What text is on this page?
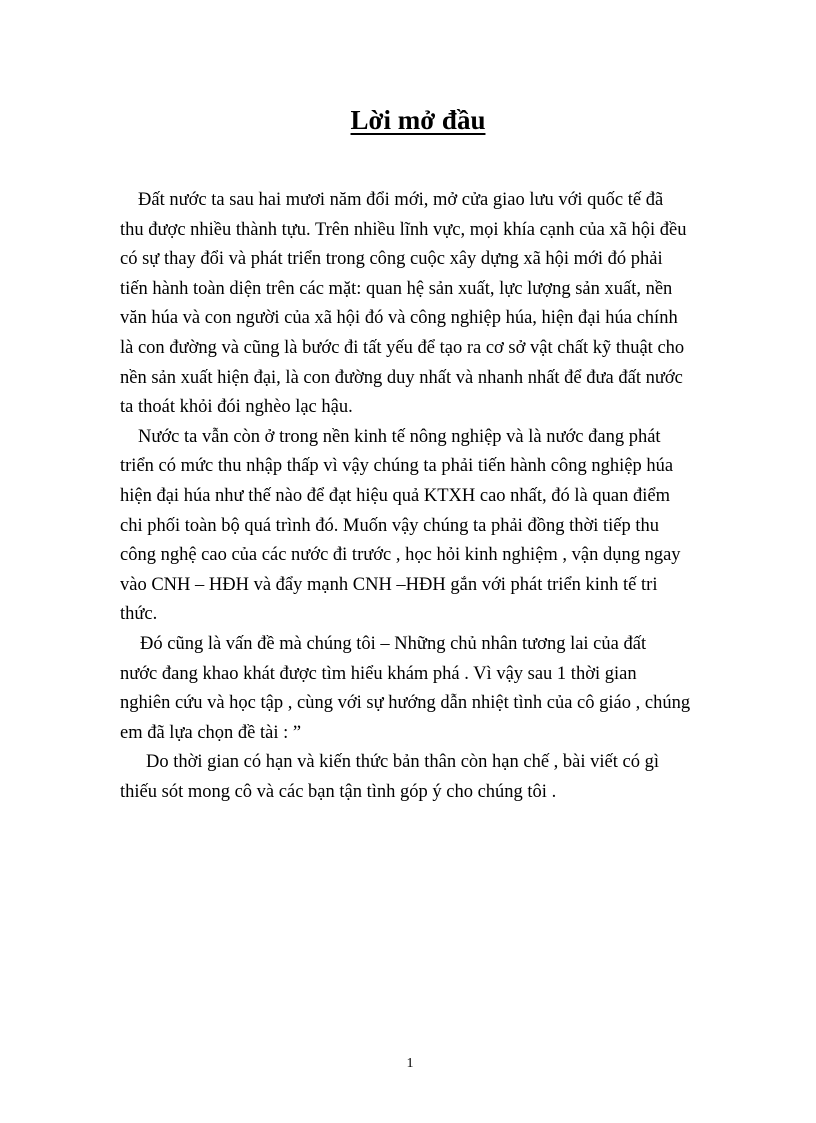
Lời mở đầu
Đất nước ta sau hai mươi năm đổi mới, mở cửa giao lưu với quốc tế đã
thu được nhiều thành tựu. Trên nhiều lĩnh vực, mọi khía cạnh của xã hội đều
có sự thay đổi và phát triển trong công cuộc xây dựng xã hội mới đó phải
tiến hành toàn diện trên các mặt: quan hệ sản xuất, lực lượng sản xuất, nền
văn húa và con người của xã hội đó và công nghiệp húa, hiện đại húa chính
là con đường và cũng là bước đi tất yếu để tạo ra cơ sở vật chất kỹ thuật cho
nền sản xuất hiện đại, là con đường duy nhất và nhanh nhất để đưa đất nước
ta thoát khỏi đói nghèo lạc hậu.
Nước ta vẫn còn ở trong nền kinh tế nông nghiệp và là nước đang phát
triển có mức thu nhập thấp vì vậy chúng ta phải tiến hành công nghiệp húa
hiện đại húa như thế nào để đạt hiệu quả KTXH cao nhất, đó là quan điểm
chi phối toàn bộ quá trình đó. Muốn vậy chúng ta phải đồng thời tiếp thu
công nghệ cao của các nước đi trước , học hỏi kinh nghiệm , vận dụng ngay
vào CNH – HĐH và đẩy mạnh CNH –HĐH gắn với phát triển kinh tế tri
thức.
Đó cũng là vấn đề mà chúng tôi – Những chủ nhân tương lai của đất
nước đang khao khát được tìm hiểu khám phá . Vì vậy sau 1 thời gian
nghiên cứu và học tập , cùng với sự hướng dẫn nhiệt tình của cô giáo , chúng
em đã lựa chọn đề tài : ”
Do thời gian có hạn và kiến thức bản thân còn hạn chế , bài viết có gì
thiếu sót mong cô và các bạn tận tình góp ý cho chúng tôi .
1
